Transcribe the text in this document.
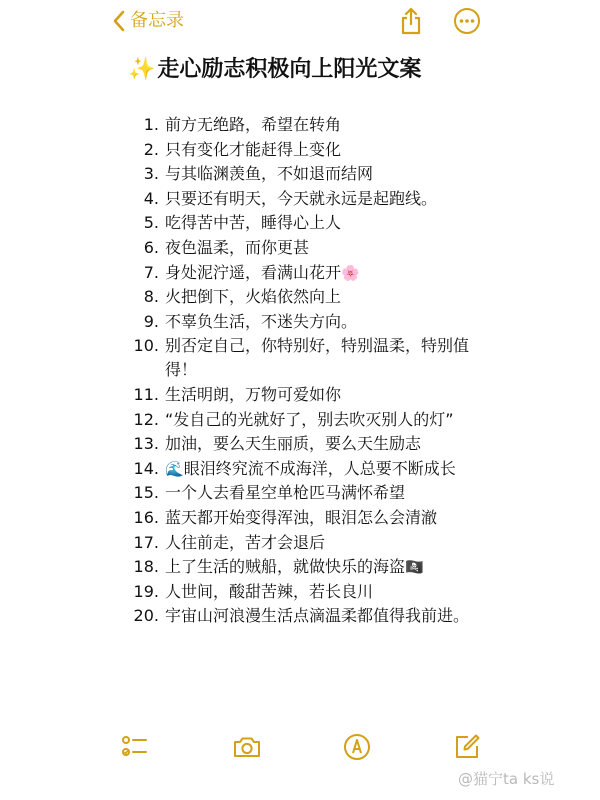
备忘录
✨走心励志积极向上阳光文案
1. 前方无绝路，希望在转角
2. 只有变化才能赶得上变化
3. 与其临渊羡鱼，不如退而结网
4. 只要还有明天，今天就永远是起跑线。
5. 吃得苦中苦，睡得心上人
6. 夜色温柔，而你更甚
7. 身处泥泞遥，看满山花开🌸
8. 火把倒下，火焰依然向上
9. 不辜负生活，不迷失方向。
10. 别否定自己，你特别好，特别温柔，特别值得！
11. 生活明朗，万物可爱如你
12. “发自己的光就好了，别去吹灭别人的灯”
13. 加油，要么天生丽质，要么天生励志
14. 🌊眼泪终究流不成海洋，人总要不断成长
15. 一个人去看星空单枪匹马满怀希望
16. 蓝天都开始变得浑浊，眼泪怎么会清澈
17. 人往前走，苦才会退后
18. 上了生活的贼船，就做快乐的海盗🏴‍☠️
19. 人世间，酸甜苦辣，若长良川
20. 宇宙山河浪漫生活点滴温柔都值得我前进。
@猫宁ta ks说
